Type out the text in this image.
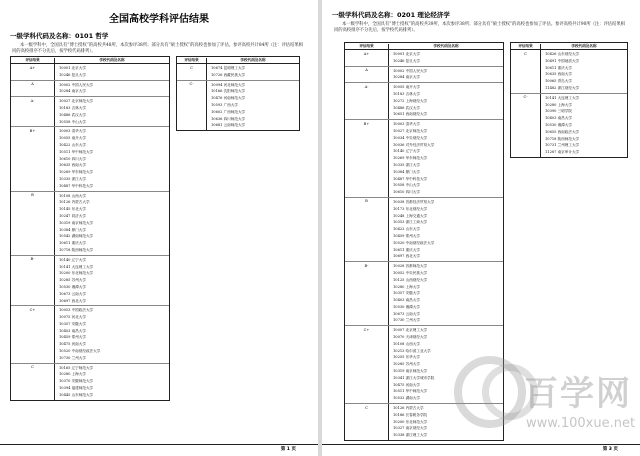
全国高校学科评估结果
一级学科代码及名称：0101 哲学
本一级学科中，全国具有“博士授权”的高校共48所，本次参评38所；部分具有“硕士授权”的高校也参加了评估。参评高校共计84所（注：评估结果相同的高校排序不分先后，按学校代码排列）。
评估结果	学校代码及名称
A+	10001 北京大学
10246 复旦大学
A	10002 中国人民大学
10284 南京大学
A-	10027 北京师范大学
10183 吉林大学
10486 武汉大学
10558 中山大学
B+	10003 清华大学
10055 南开大学
10422 山东大学
10511 华中师范大学
10610 四川大学
10635 西南大学
10269 华东师范大学
10335 浙江大学
10487 华中科技大学
B	10108 山西大学
10126 内蒙古大学
10145 东北大学
10247 同济大学
10319 南京师范大学
10384 厦门大学
10542 湖南师范大学
10611 重庆大学
10718 陕西师范大学
B-	10140 辽宁大学
10141 大连理工大学
10200 东北师范大学
10285 苏州大学
10530 湘潭大学
10673 云南大学
10697 西北大学
C+	10053 中国政法大学
10075 河北大学
10357 安徽大学
10403 南昌大学
10459 郑州大学
10475 河南大学
10520 中南财经政法大学
10730 兰州大学
C	10165 辽宁师范大学
10280 上海大学
10370 安徽师范大学
10394 福建师范大学
10445 山东师范大学
评估结果	学校代码及名称
C	10674 昆明理工大学
10726 西藏民族大学
C-	10094 河北师范大学
10166 沈阳师范大学
10476 河南师范大学
10593 广西大学
10602 广西师范大学
10636 四川师范大学
10681 云南师范大学
第 1 页
一级学科代码及名称：0201 理论经济学
本一级学科中，全国具有“博士授权”的高校共39所，本次参评38所；部分具有“硕士授权”的高校也参加了评估。参评高校共计90所（注：评估结果相同的高校排序不分先后，按学校代码排列）。
评估结果	学校代码及名称
A+	10001 北京大学
10246 复旦大学
A	10002 中国人民大学
10284 南京大学
A-	10055 南开大学
10183 吉林大学
10272 上海财经大学
10486 武汉大学
10651 西南财经大学
B+	10003 清华大学
10027 北京师范大学
10034 中央财经大学
10036 对外经济贸易大学
10140 辽宁大学
10269 华东师范大学
10335 浙江大学
10384 厦门大学
10487 华中科技大学
10558 中山大学
10610 四川大学
B	10038 首都经济贸易大学
10173 东北财经大学
10248 上海交通大学
10353 浙江工商大学
10422 山东大学
10459 郑州大学
10520 中南财经政法大学
10611 重庆大学
10697 西北大学
B-	10028 首都师范大学
10052 中央民族大学
10125 山西财经大学
10280 上海大学
10357 安徽大学
10403 南昌大学
10530 湘潭大学
10673 云南大学
10730 兰州大学
C+	10007 北京理工大学
10070 天津财经大学
10108 山西大学
10213 哈尔滨工业大学
10255 东华大学
10285 苏州大学
10319 南京师范大学
10341 浙江大学城市学院
10475 河南大学
10511 华中师范大学
10532 湖南大学
C	10126 内蒙古大学
10186 长春税务学院
10200 东北师范大学
10327 南京财经大学
10338 浙江理工大学
评估结果	学校代码及名称
C	10426 山东财经大学
10491 中国地质大学
10611 重庆大学
10635 西南大学
10065 青岛大学
11482 浙江财经大学
C-	10141 大连理工大学
10280 上海大学
10390 三明学院
10403 南昌大学
10530 湘潭大学
10655 西南政法大学
10718 陕西师范大学
10731 兰州理工大学
11287 南京审计大学
第 3 页
百学网
www.100xue.net
